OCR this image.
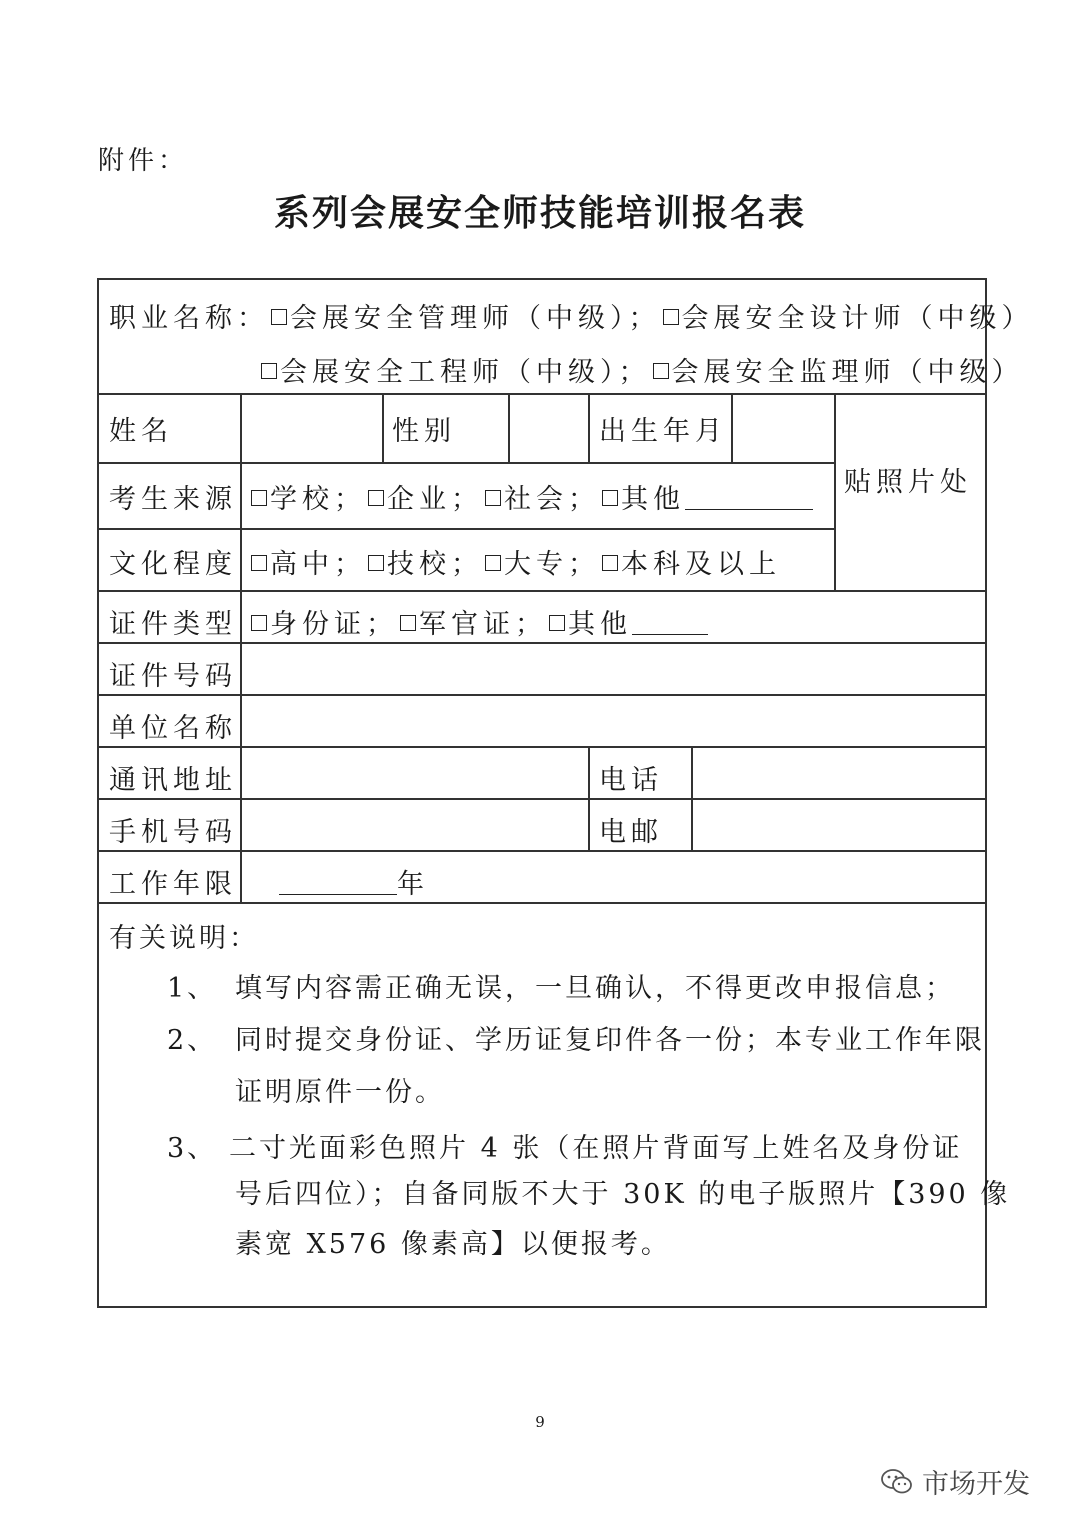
附件：
系列会展安全师技能培训报名表
职业名称： 会展安全管理师（中级）； 会展安全设计师（中级）
会展安全工程师（中级）； 会展安全监理师（中级）
姓名	性别	出生年月
贴照片处
考生来源	学校； 企业； 社会； 其他
文化程度	高中； 技校； 大专； 本科及以上
证件类型	身份证； 军官证； 其他
证件号码
单位名称
通讯地址	电话
手机号码	电邮
工作年限	年
有关说明：
1、 填写内容需正确无误，一旦确认，不得更改申报信息；
2、 同时提交身份证、学历证复印件各一份；本专业工作年限
证明原件一份。
3、 二寸光面彩色照片 4 张（在照片背面写上姓名及身份证
号后四位）；自备同版不大于 30K 的电子版照片【390 像
素宽 X576 像素高】以便报考。
9
市场开发
